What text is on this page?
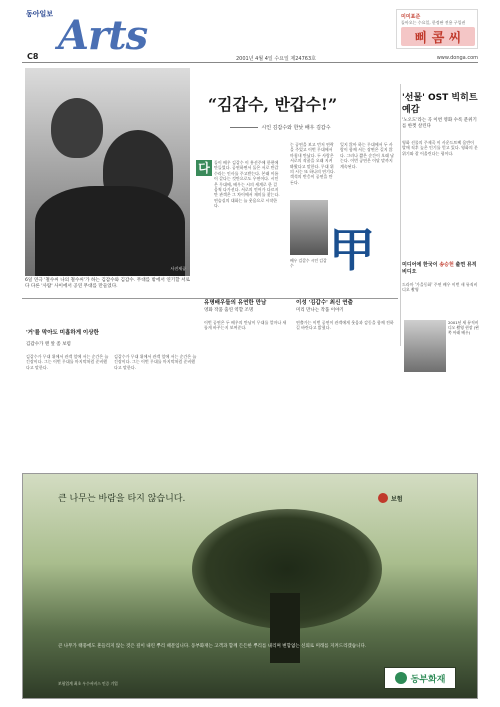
동아일보 Arts
C8	2001년 4월 4일 수요일 제24763호	www.donga.com
미미표준
돌아오는 수요일, 한정판 전용 구입권
삐 콤 씨
사진제공
6일 연극 '철수씨 나의 철수씨'가 하는 김갑수와 김갑수. 무대를 밖에서 연기할 서로 다 다른 '사람' 사이에서 공연 무대를 만들었다.
“김갑수, 반갑수!”
시인 김갑수와 한낮 배우 김갑수
다	둘이 배우 김갑수 이 흥선주에 한편에 만들었다. 공연하면서 둘은 서로 반갑수라는 인사를 주고받는다. 본래 이름이 같다는 것만으로도 우연이다. 시인은 무대에, 배우는 시의 세계로 한 걸음씩 다가선다. 서로의 언어가 다르지만 관객은 그 차이에서 재미를 찾는다. 연습실의 대화는 늘 웃음으로 시작한다.
는 공연을 보고 먼저 연락을 주었고 이번 무대에서 마침내 만났다. 두 사람은 서로의 작품을 오래 지켜봐왔다고 말한다. 무대 위의 시는 또 하나의 연기다. 객석의 반응이 공연을 만든다.
잊지 않아 하는 무대에서 두 사람이 함께 서는 장면은 길지 않다. 그러나 짧은 순간이 오래 남는다. 이번 공연은 이달 말까지 계속된다.
배우 김갑수 시인 김갑수 甲
'선물' OST 빅히트 예감
'노오도'라는 곡 이번 영화 수록 분위기를 한껏 살린다
영화 선물의 주제곡 이 사운드트랙 음반이 발매 직후 높은 인기를 얻고 있다. 영화의 분위기와 잘 어울린다는 평이다.
미디어에 한국이 송승헌 출연 뮤직비디오
드라마 '가을동화' 주연 배우 이번 새 뮤직비디오 촬영
2001년 새 뮤직비디오 촬영 현장 (왼쪽 아래 배우)
'거'를 막아도 미흡하게 이상한
김갑수가 맨 앞 좀 보렴
김갑수가 무대 위에서 관객 앞에 서는 순간은 늘 긴장이다. 그는 이번 무대를 마지막처럼 준비했다고 말한다.
김갑수가 무대 위에서 관객 앞에 서는 순간은 늘 긴장이다. 그는 이번 무대를 마지막처럼 준비했다고 말한다.
유명배우들의 유연한 만남
영화 작품 출연 역할 조명
이번 공연은 두 배우의 만남이 무대를 얼마나 새롭게 바꾸는지 보여준다.
이성 '김갑수' 최신 연출
미리 만나는 작품 이야기
연출가는 이번 공연이 관객에게 웃음과 감동을 함께 전하길 바란다고 밝혔다.
큰 나무는 바람을 타지 않습니다.	보험
큰 나무가 태풍에도 흔들리지 않는 것은 깊이 내린 뿌리 때문입니다. 동부화재는 고객과 함께 든든한 뿌리를 내리며 변함없는 신뢰로 미래를 지켜드리겠습니다.
보험업계 최초 우수서비스 인증 기업	동부화재
